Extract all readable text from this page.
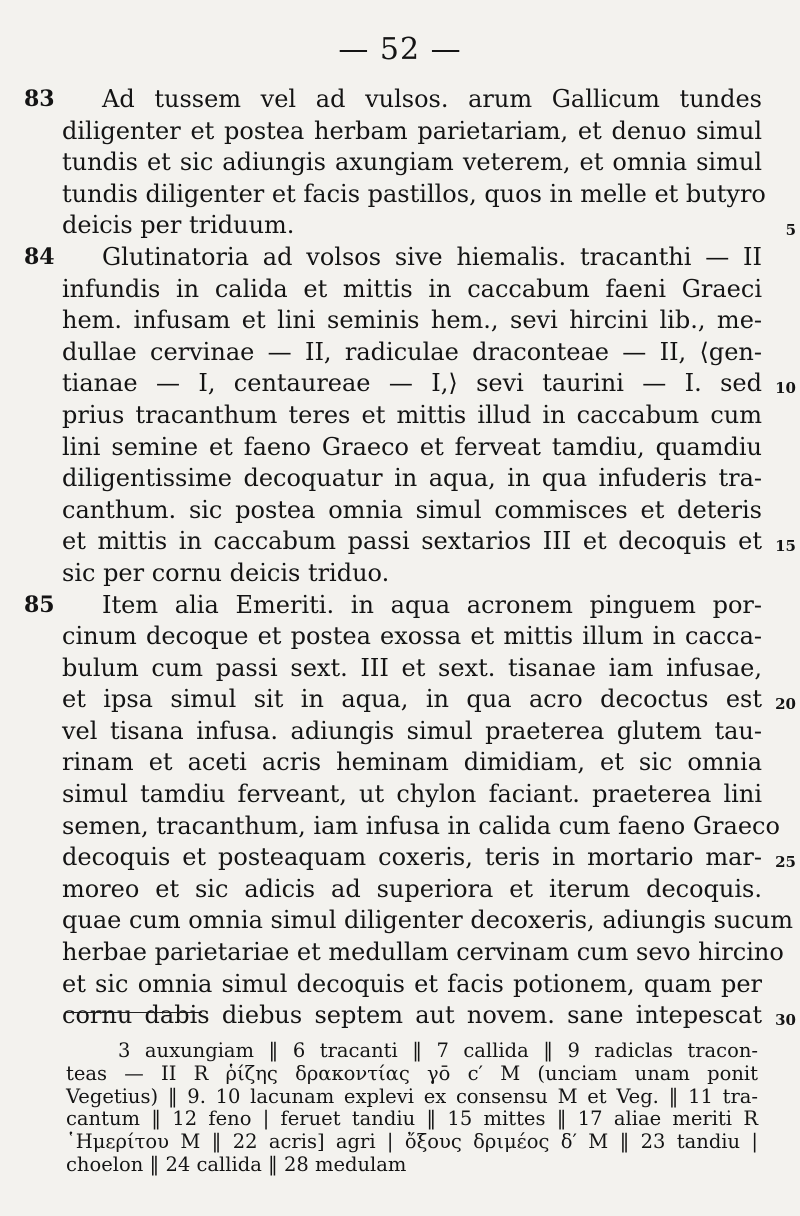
— 52 —
83 Ad tussem vel ad vulsos. arum Gallicum tundes
diligenter et postea herbam parietariam, et denuo simul
tundis et sic adiungis axungiam veterem, et omnia simul
tundis diligenter et facis pastillos, quos in melle et butyro
deicis per triduum.	5
84 Glutinatoria ad volsos sive hiemalis. tracanthi — II
infundis in calida et mittis in caccabum faeni Graeci
hem. infusam et lini seminis hem., sevi hircini lib., me-
dullae cervinae — II, radiculae draconteae — II, ⟨gen-
tianae — I, centaureae — I,⟩ sevi taurini — I. sed 10
prius tracanthum teres et mittis illud in caccabum cum
lini semine et faeno Graeco et ferveat tamdiu, quamdiu
diligentissime decoquatur in aqua, in qua infuderis tra-
canthum. sic postea omnia simul commisces et deteris
et mittis in caccabum passi sextarios III et decoquis et 15
sic per cornu deicis triduo.
85 Item alia Emeriti. in aqua acronem pinguem por-
cinum decoque et postea exossa et mittis illum in cacca-
bulum cum passi sext. III et sext. tisanae iam infusae,
et ipsa simul sit in aqua, in qua acro decoctus est 20
vel tisana infusa. adiungis simul praeterea glutem tau-
rinam et aceti acris heminam dimidiam, et sic omnia
simul tamdiu ferveant, ut chylon faciant. praeterea lini
semen, tracanthum, iam infusa in calida cum faeno Graeco
decoquis et posteaquam coxeris, teris in mortario mar- 25
moreo et sic adicis ad superiora et iterum decoquis.
quae cum omnia simul diligenter decoxeris, adiungis sucum
herbae parietariae et medullam cervinam cum sevo hircino
et sic omnia simul decoquis et facis potionem, quam per
cornu dabis diebus septem aut novem. sane intepescat 30
3 auxungiam ‖ 6 tracanti ‖ 7 callida ‖ 9 radiclas tracon-
teas — II R ῥίζης δρακοντίας γō c′ M (unciam unam ponit
Vegetius) ‖ 9. 10 lacunam explevi ex consensu M et Veg. ‖ 11 tra-
cantum ‖ 12 feno | feruet tandiu ‖ 15 mittes ‖ 17 aliae meriti R
῾Ημερίτου M ‖ 22 acris] agri | ὄξους δριμέος δ′ M ‖ 23 tandiu |
choelon ‖ 24 callida ‖ 28 medulam
